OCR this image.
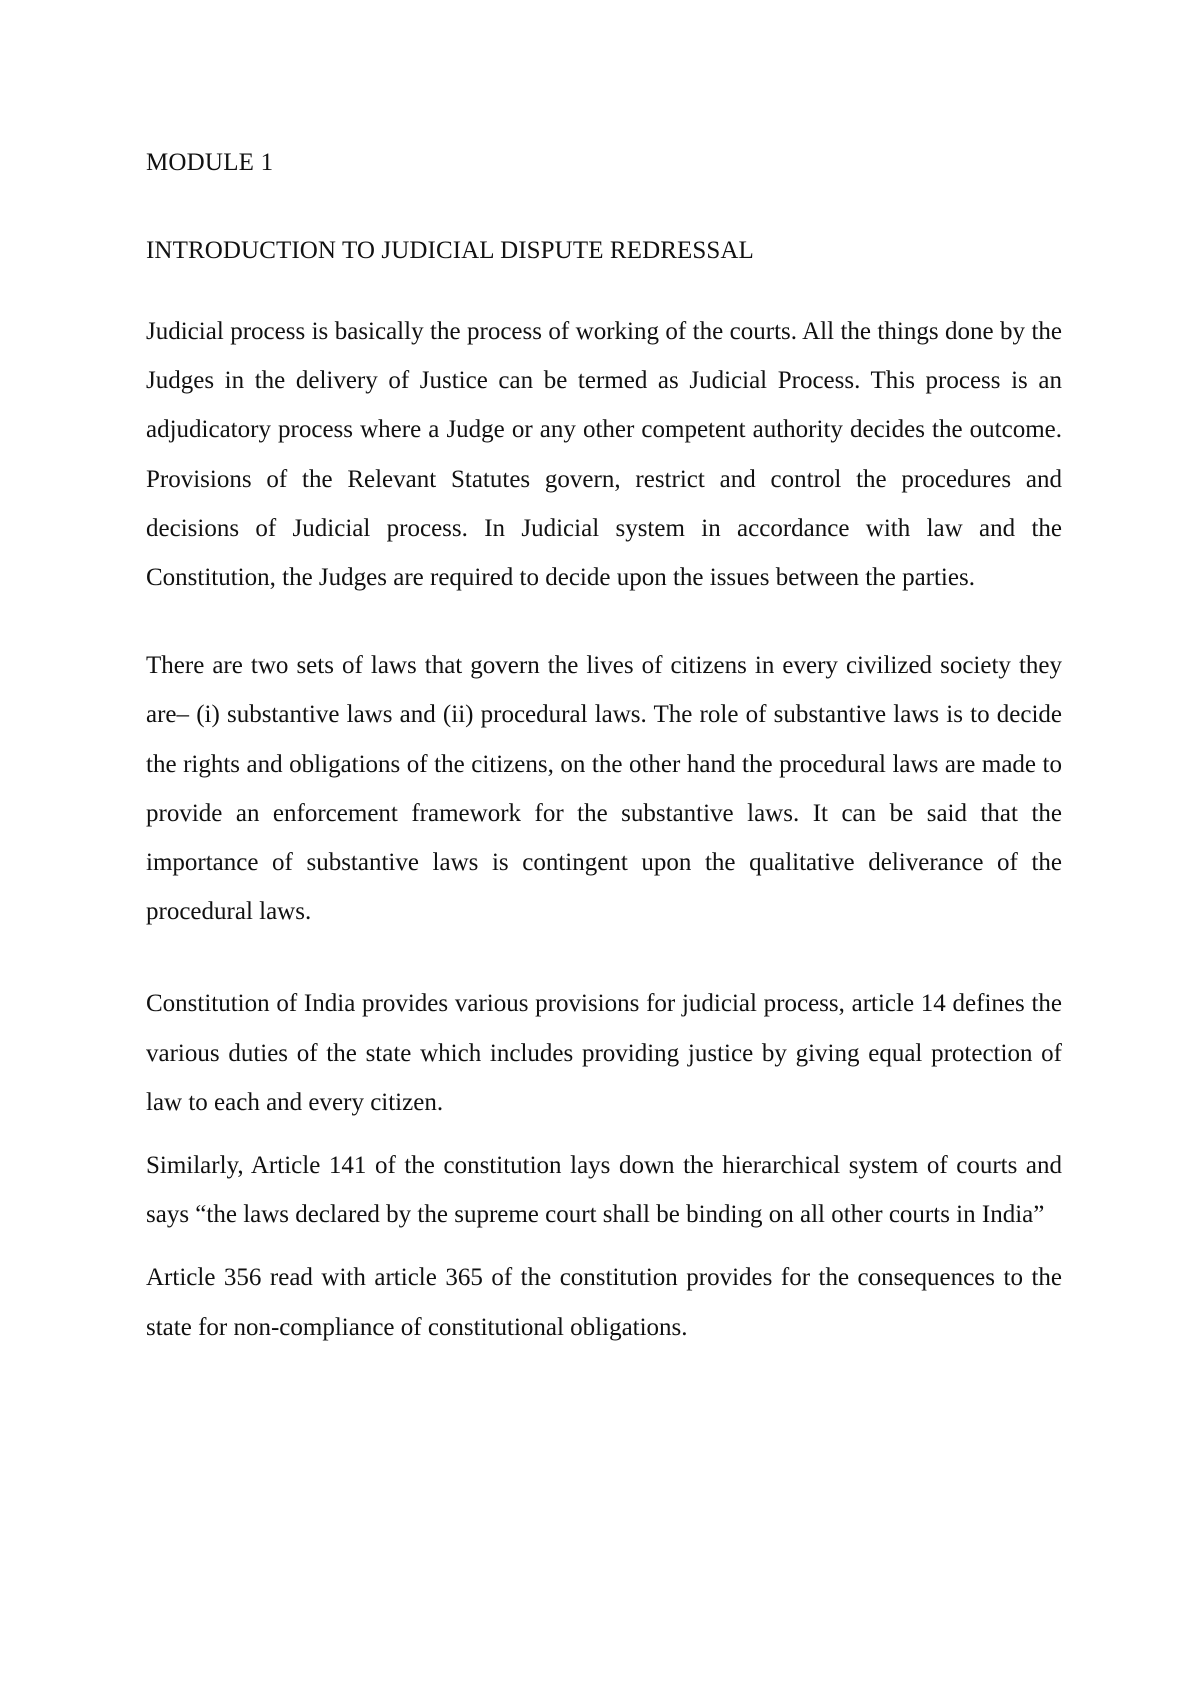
MODULE 1

INTRODUCTION TO JUDICIAL DISPUTE REDRESSAL

Judicial process is basically the process of working of the courts. All the things done by the Judges in the delivery of Justice can be termed as Judicial Process. This process is an adjudicatory process where a Judge or any other competent authority decides the outcome. Provisions of the Relevant Statutes govern, restrict and control the procedures and decisions of Judicial process. In Judicial system in accordance with law and the Constitution, the Judges are required to decide upon the issues between the parties.

There are two sets of laws that govern the lives of citizens in every civilized society they are– (i) substantive laws and (ii) procedural laws. The role of substantive laws is to decide the rights and obligations of the citizens, on the other hand the procedural laws are made to provide an enforcement framework for the substantive laws. It can be said that the importance of substantive laws is contingent upon the qualitative deliverance of the procedural laws.

Constitution of India provides various provisions for judicial process, article 14 defines the various duties of the state which includes providing justice by giving equal protection of law to each and every citizen.

Similarly, Article 141 of the constitution lays down the hierarchical system of courts and says “the laws declared by the supreme court shall be binding on all other courts in India”

Article 356 read with article 365 of the constitution provides for the consequences to the state for non-compliance of constitutional obligations.
